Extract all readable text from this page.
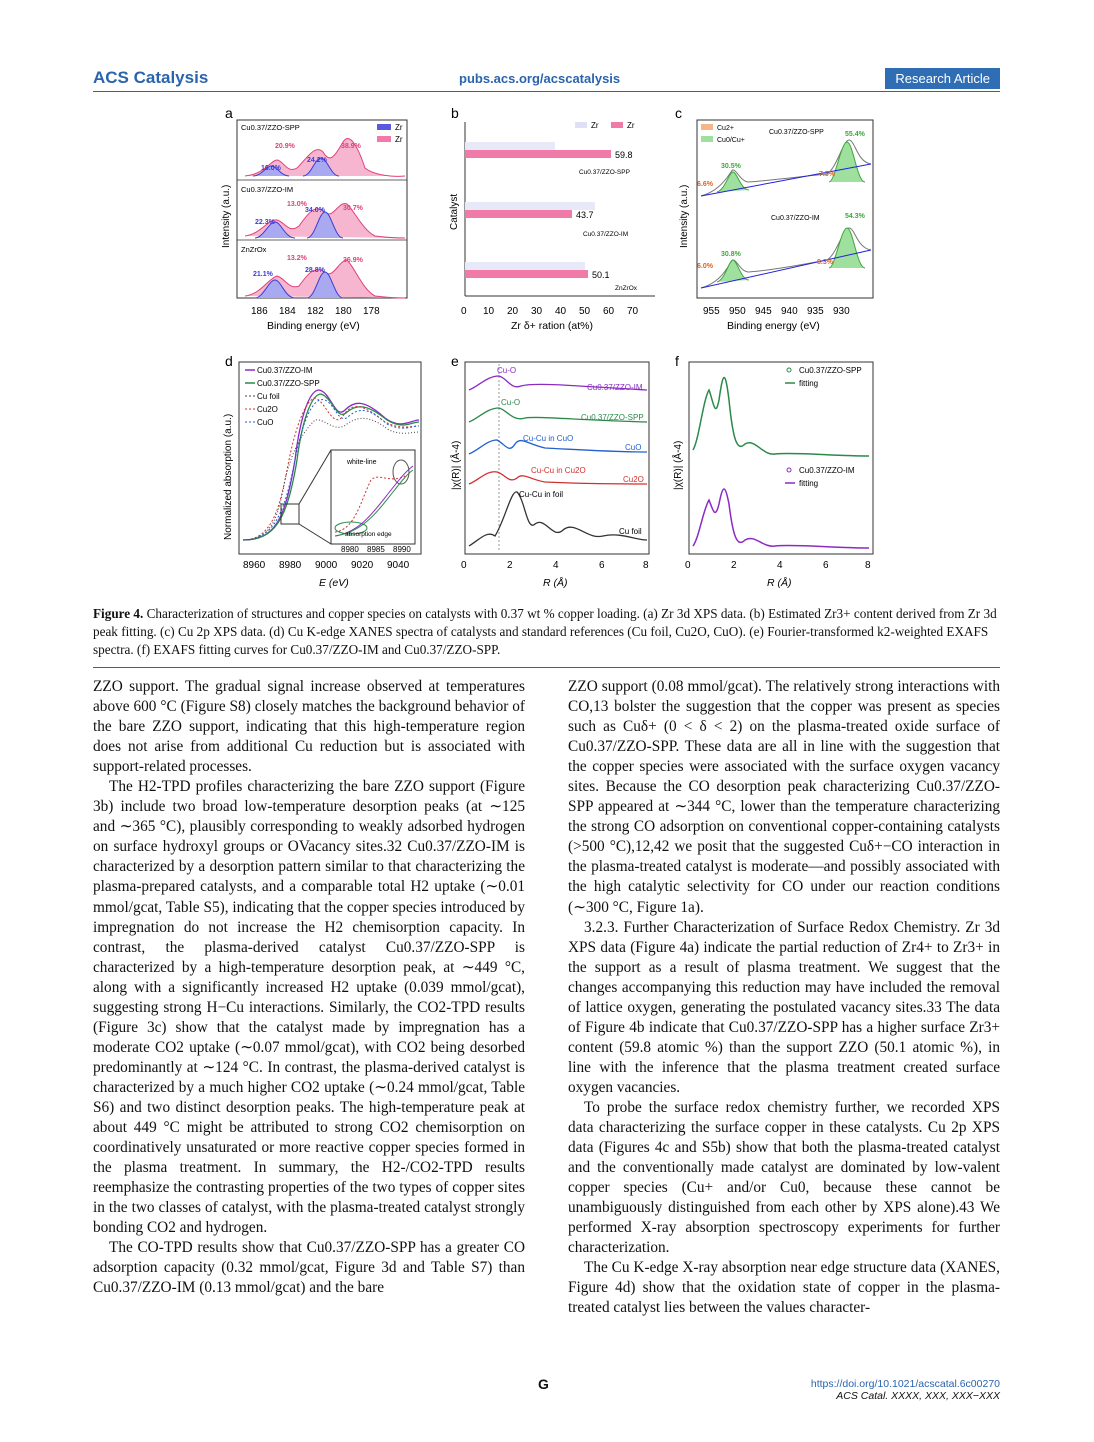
ACS Catalysis	pubs.acs.org/acscatalysis	Research Article
a
Zr
Zr
Cu0.37/ZZO-SPP
16.0%
20.9%
24.2%
38.9%
Cu0.37/ZZO-IM
22.3%
13.0%
34.0%	30.7%
ZnZrOx
21.1%
13.2%
28.8%
36.9%
186 184 182 180 178
Binding energy (eV)
Intensity (a.u.)
b
Zr	Zr
59.8
Cu0.37/ZZO-SPP
43.7
Cu0.37/ZZO-IM
50.1
ZnZrOx
0 10 20 30 40 50 60 70
Zr δ+ ration (at%)
Catalyst
c
Cu2+
Cu0/Cu+
Cu0.37/ZZO-SPP
6.6%
30.5%
7.5%
55.4%
Cu0.37/ZZO-IM
6.0%
30.8%
8.3%
54.3%
955 950 945 940 935 930
Binding energy (eV)
Intensity (a.u.)
d
Cu0.37/ZZO-IM
Cu0.37/ZZO-SPP
Cu foil
Cu2O
CuO
white-line
absorption edge
8980 8985 8990
8960 8980 9000 9020 9040
E (eV)
Normalized absorption (a.u.)
e
Cu-O
Cu0.37/ZZO-IM
Cu-O
Cu0.37/ZZO-SPP
Cu-Cu in CuO
CuO
Cu-Cu in Cu2O
Cu2O
Cu-Cu in foil
Cu foil
0	2	4	6	8
R (Å)
|χ(R)| (Å-4)
f
Cu0.37/ZZO-SPP
fitting
Cu0.37/ZZO-IM
fitting
0	2	4	6	8
R (Å)
|χ(R)| (Å-4)
Figure 4. Characterization of structures and copper species on catalysts with 0.37 wt % copper loading. (a) Zr 3d XPS data. (b) Estimated Zr3+ content derived from Zr 3d peak fitting. (c) Cu 2p XPS data. (d) Cu K-edge XANES spectra of catalysts and standard references (Cu foil, Cu2O, CuO). (e) Fourier-transformed k2-weighted EXAFS spectra. (f) EXAFS fitting curves for Cu0.37/ZZO-IM and Cu0.37/ZZO-SPP.

ZZO support. The gradual signal increase observed at temperatures above 600 °C (Figure S8) closely matches the background behavior of the bare ZZO support, indicating that this high-temperature region does not arise from additional Cu reduction but is associated with support-related processes.

The H2-TPD profiles characterizing the bare ZZO support (Figure 3b) include two broad low-temperature desorption peaks (at ∼125 and ∼365 °C), plausibly corresponding to weakly adsorbed hydrogen on surface hydroxyl groups or OVacancy sites.32 Cu0.37/ZZO-IM is characterized by a desorption pattern similar to that characterizing the plasma-prepared catalysts, and a comparable total H2 uptake (∼0.01 mmol/gcat, Table S5), indicating that the copper species introduced by impregnation do not increase the H2 chemisorption capacity. In contrast, the plasma-derived catalyst Cu0.37/ZZO-SPP is characterized by a high-temperature desorption peak, at ∼449 °C, along with a significantly increased H2 uptake (0.039 mmol/gcat), suggesting strong H−Cu interactions. Similarly, the CO2-TPD results (Figure 3c) show that the catalyst made by impregnation has a moderate CO2 uptake (∼0.07 mmol/gcat), with CO2 being desorbed predominantly at ∼124 °C. In contrast, the plasma-derived catalyst is characterized by a much higher CO2 uptake (∼0.24 mmol/gcat, Table S6) and two distinct desorption peaks. The high-temperature peak at about 449 °C might be attributed to strong CO2 chemisorption on coordinatively unsaturated or more reactive copper species formed in the plasma treatment. In summary, the H2-/CO2-TPD results reemphasize the contrasting properties of the two types of copper sites in the two classes of catalyst, with the plasma-treated catalyst strongly bonding CO2 and hydrogen.

The CO-TPD results show that Cu0.37/ZZO-SPP has a greater CO adsorption capacity (0.32 mmol/gcat, Figure 3d and Table S7) than Cu0.37/ZZO-IM (0.13 mmol/gcat) and the bare

ZZO support (0.08 mmol/gcat). The relatively strong interactions with CO,13 bolster the suggestion that the copper was present as species such as Cuδ+ (0 < δ < 2) on the plasma-treated oxide surface of Cu0.37/ZZO-SPP. These data are all in line with the suggestion that the copper species were associated with the surface oxygen vacancy sites. Because the CO desorption peak characterizing Cu0.37/ZZO-SPP appeared at ∼344 °C, lower than the temperature characterizing the strong CO adsorption on conventional copper-containing catalysts (>500 °C),12,42 we posit that the suggested Cuδ+−CO interaction in the plasma-treated catalyst is moderate—and possibly associated with the high catalytic selectivity for CO under our reaction conditions (∼300 °C, Figure 1a).

3.2.3. Further Characterization of Surface Redox Chemistry. Zr 3d XPS data (Figure 4a) indicate the partial reduction of Zr4+ to Zr3+ in the support as a result of plasma treatment. We suggest that the changes accompanying this reduction may have included the removal of lattice oxygen, generating the postulated vacancy sites.33 The data of Figure 4b indicate that Cu0.37/ZZO-SPP has a higher surface Zr3+ content (59.8 atomic %) than the support ZZO (50.1 atomic %), in line with the inference that the plasma treatment created surface oxygen vacancies.

To probe the surface redox chemistry further, we recorded XPS data characterizing the surface copper in these catalysts. Cu 2p XPS data (Figures 4c and S5b) show that both the plasma-treated catalyst and the conventionally made catalyst are dominated by low-valent copper species (Cu+ and/or Cu0, because these cannot be unambiguously distinguished from each other by XPS alone).43 We performed X-ray absorption spectroscopy experiments for further characterization.

The Cu K-edge X-ray absorption near edge structure data (XANES, Figure 4d) show that the oxidation state of copper in the plasma-treated catalyst lies between the values character-

G	https://doi.org/10.1021/acscatal.6c00270
ACS Catal. XXXX, XXX, XXX−XXX
